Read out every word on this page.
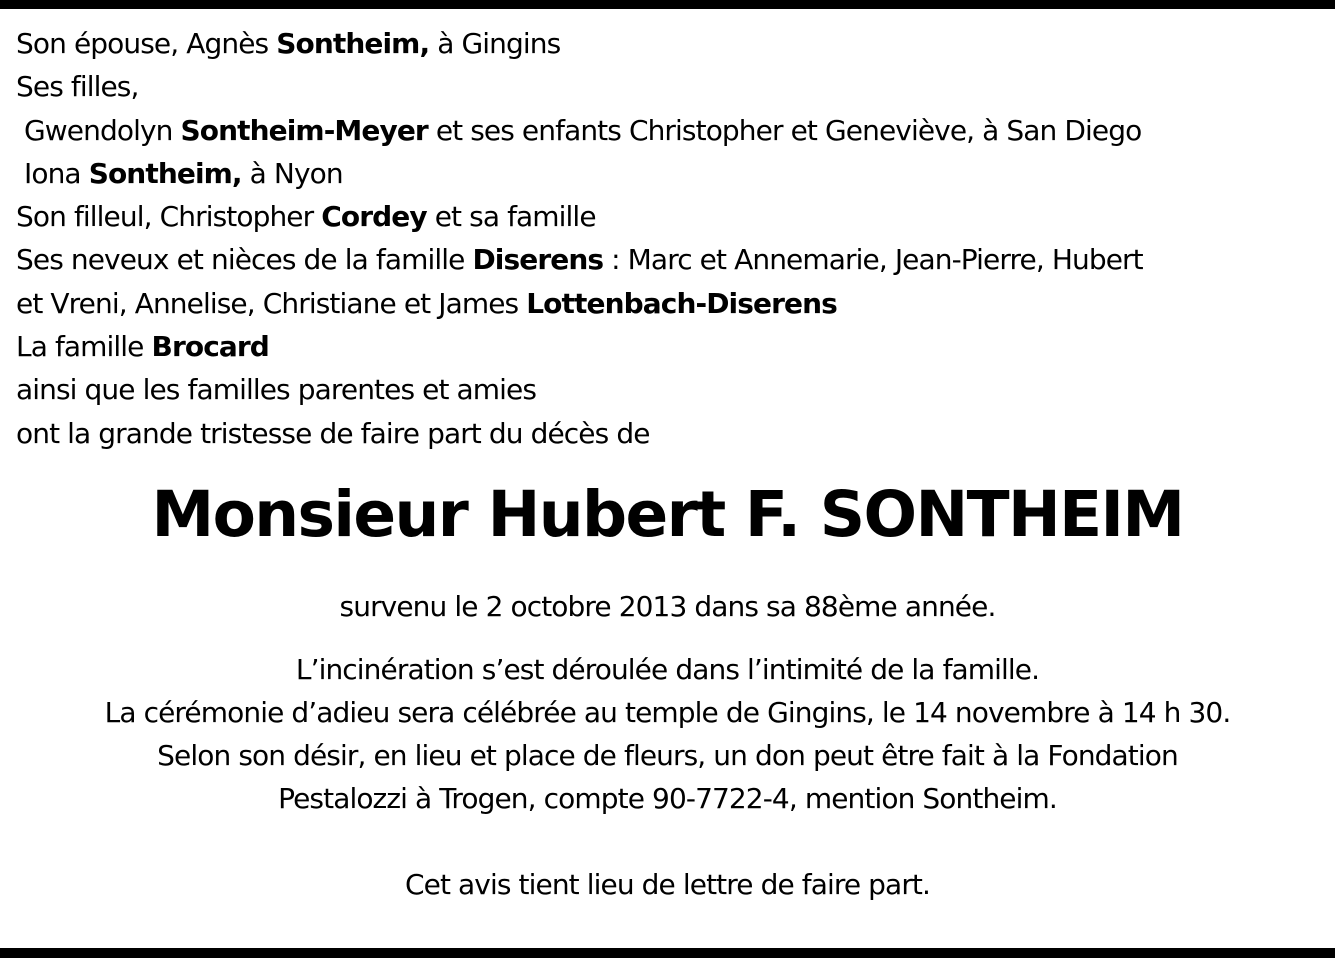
Son épouse, Agnès Sontheim, à Gingins
Ses filles,
Gwendolyn Sontheim-Meyer et ses enfants Christopher et Geneviève, à San Diego
Iona Sontheim, à Nyon
Son filleul, Christopher Cordey et sa famille
Ses neveux et nièces de la famille Diserens : Marc et Annemarie, Jean-Pierre, Hubert
et Vreni, Annelise, Christiane et James Lottenbach-Diserens
La famille Brocard
ainsi que les familles parentes et amies
ont la grande tristesse de faire part du décès de
Monsieur Hubert F. SONTHEIM
survenu le 2 octobre 2013 dans sa 88ème année.
L’incinération s’est déroulée dans l’intimité de la famille.
La cérémonie d’adieu sera célébrée au temple de Gingins, le 14 novembre à 14 h 30.
Selon son désir, en lieu et place de fleurs, un don peut être fait à la Fondation
Pestalozzi à Trogen, compte 90-7722-4, mention Sontheim.
Cet avis tient lieu de lettre de faire part.
